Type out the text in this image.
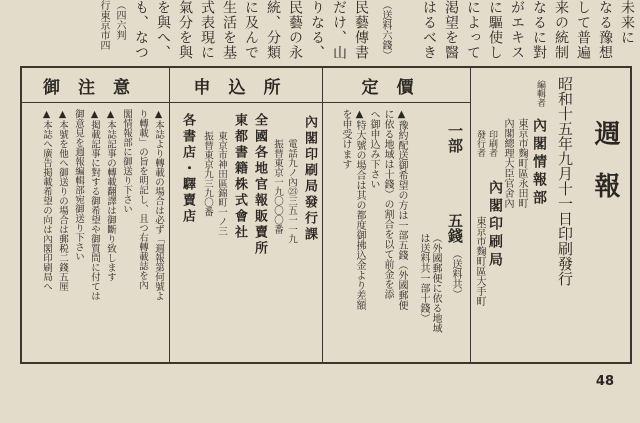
未来に
なる豫想
して普遍
来の統制
なるに對
がエキス
に驅使し
によって
渇望を醫
はるべき
（送料六錢）
民藝傳書
だけ、山
りなる、
民藝の永
統、分類
に及んで
生活を基
式表現に
氣分を與
を與へ、
も、なつ
（四六判
行東京市四
週報
昭和十五年九月十一日印刷發行
編輯者
內閣情報部
東京市麴町區永田町
內閣總理大臣官舍內
印刷者
發行者
內閣印刷局
東京市麴町區大手町
定價
一部
五錢
（送料共）
（外國郵便に依る地域
は送料共一部十錢）
▲豫約配送御希望の方は一部五錢（外國郵便
に依る地域は十錢）の割合を以て前金を添
へ御申込み下さい
▲特大號の場合は其の都度御拂込金より差額
を申受けます
申込所
內閣印刷局發行課
電話九ノ內㉓三五一一九
振替東京一九〇〇〇番
全國各地官報販賣所
東都書籍株式會社
東京市神田區錦町一ノ三
振替東京九三九〇番
各書店・驛賣店
御注意
▲本誌より轉載の場合は必ず「週報第何號よ
り轉載」の旨を明記し、且つ右轉載誌を內
閣情報部に御送り下さい
▲本誌記事の轉載翻譯は御斷り致します
▲掲載記事に對する御希望や御質問に付ては
御意見を週報編輯部宛御送り下さい
▲本號を他へ御送りの場合は郵税二錢五厘
▲本誌へ廣告掲載希望の向は內閣印刷局へ
48
